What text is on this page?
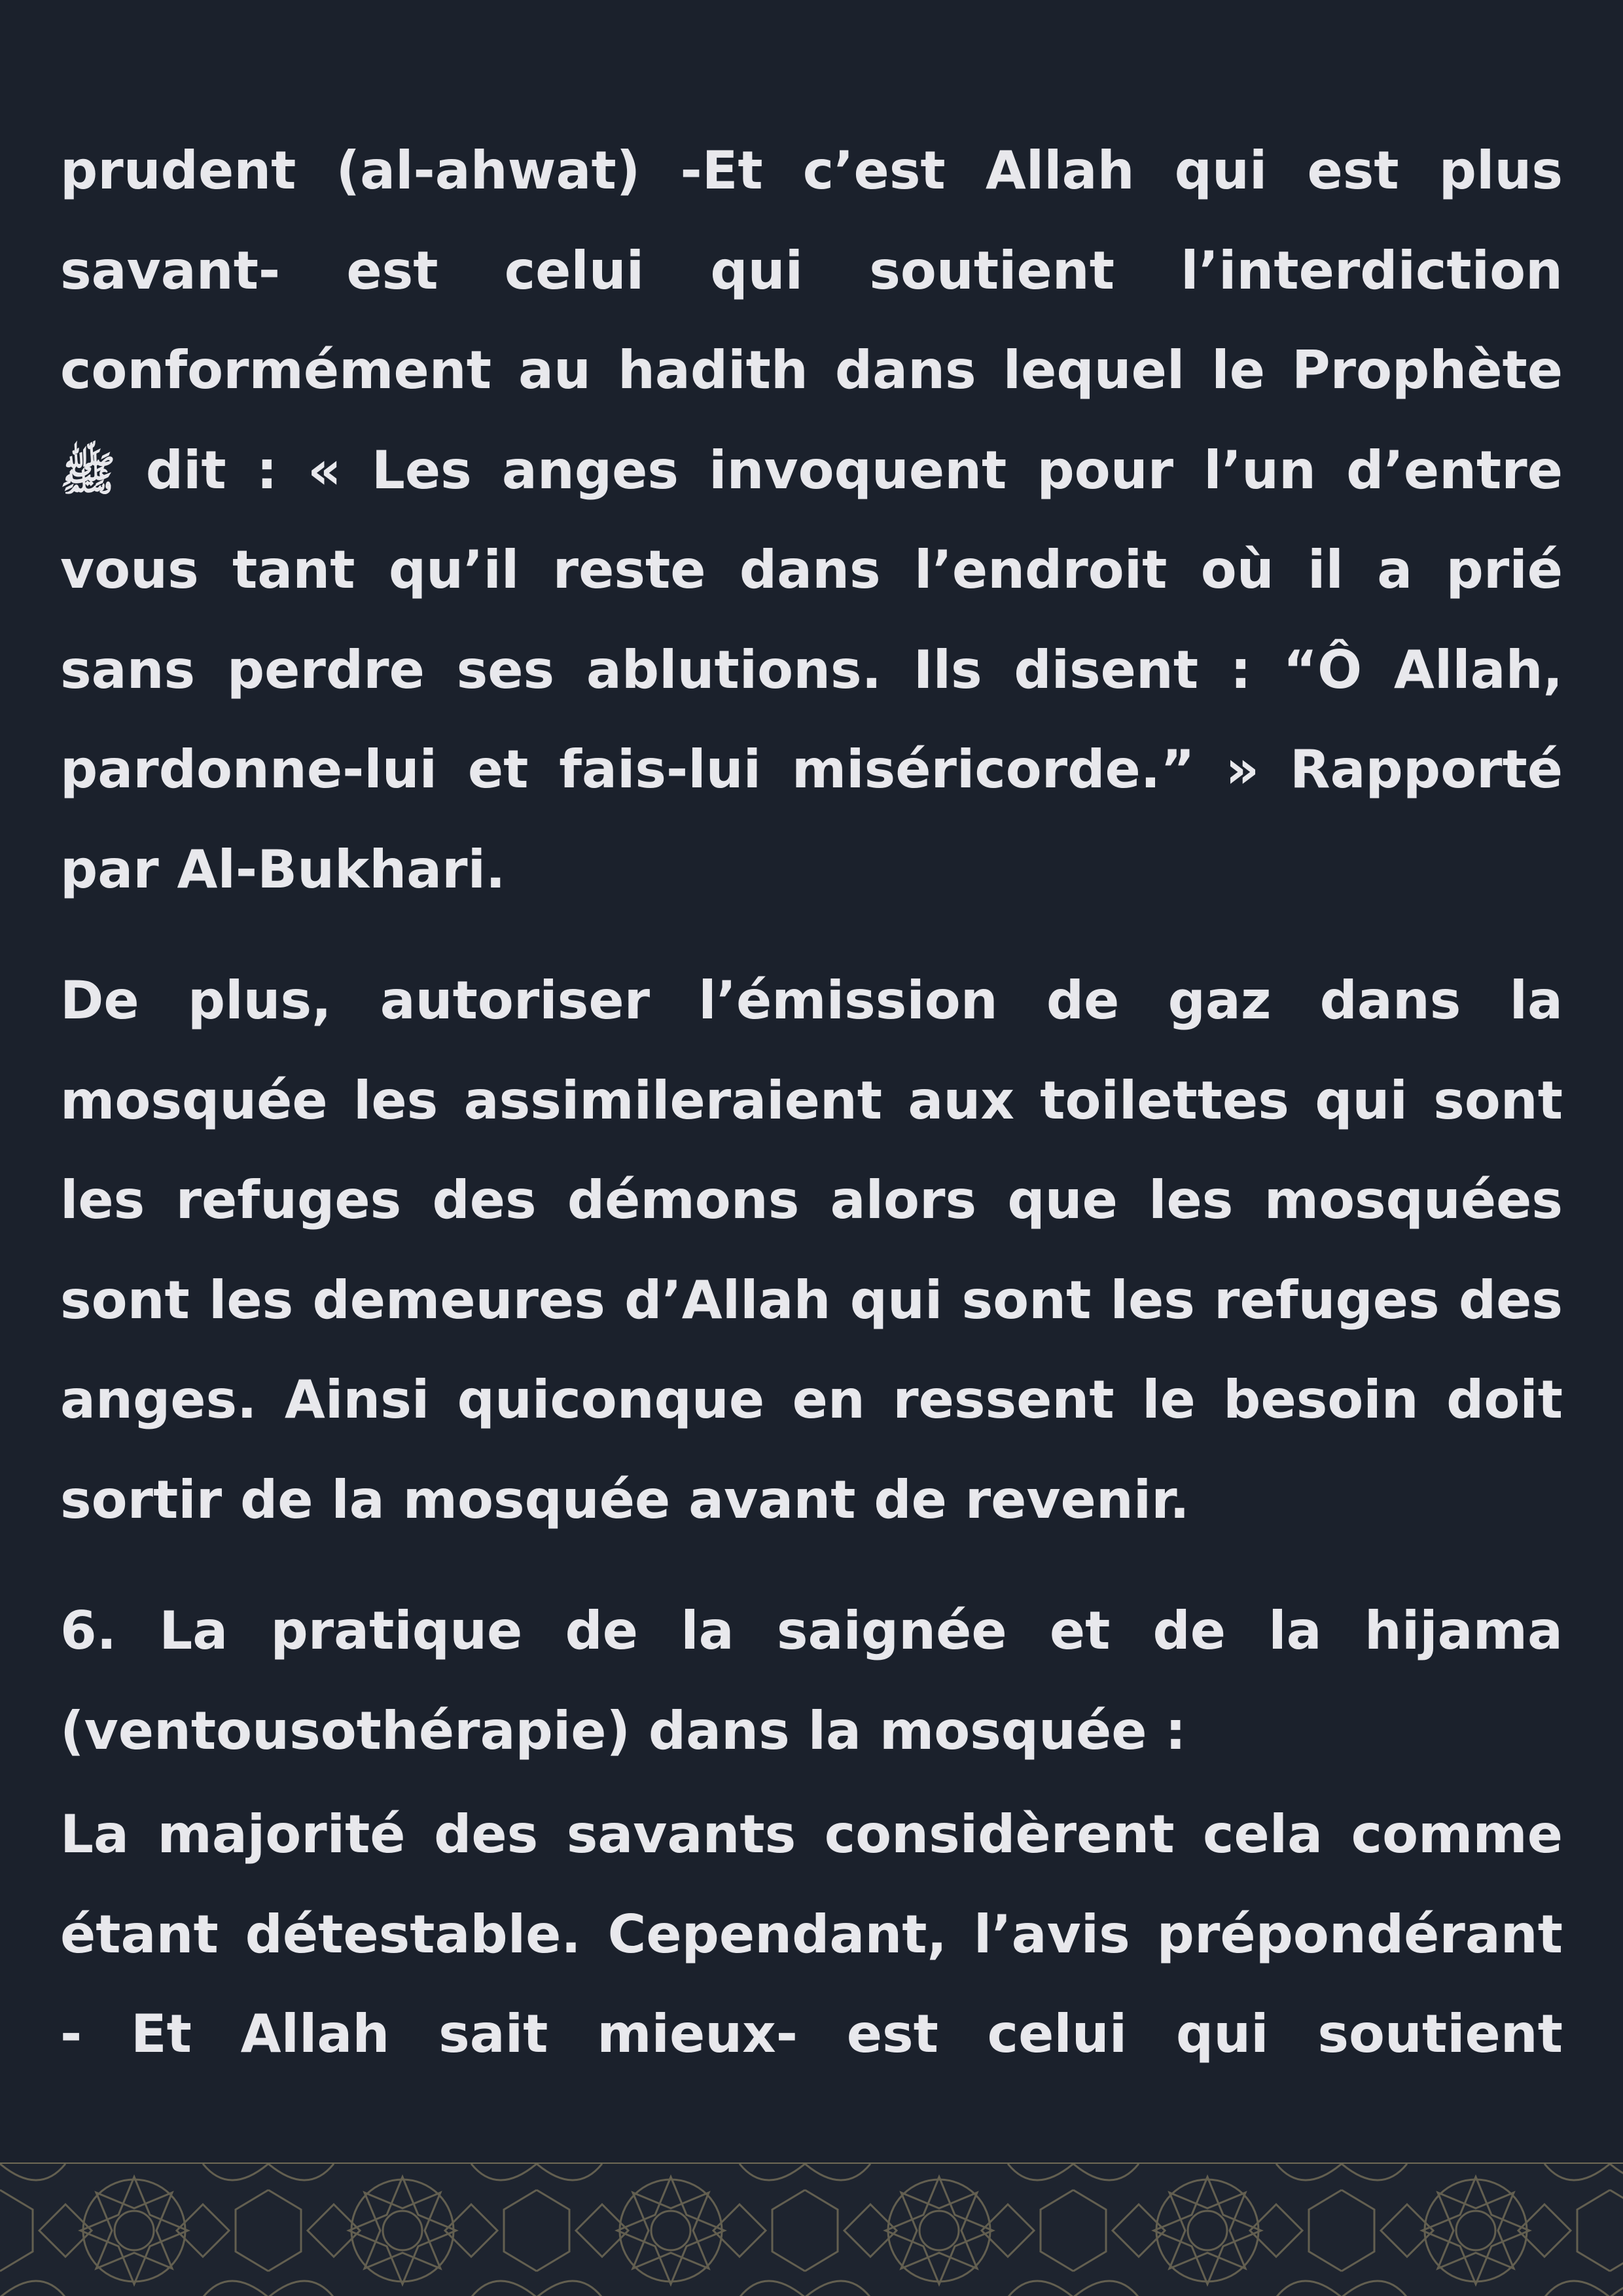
prudent (al-ahwat) -Et c’est Allah qui est plus savant- est celui qui soutient l’interdiction conformément au hadith dans lequel le Prophète ﷺ dit : « Les anges invoquent pour l’un d’entre vous tant qu’il reste dans l’endroit où il a prié sans perdre ses ablutions. Ils disent : “Ô Allah, pardonne-lui et fais-lui miséricorde.” » Rapporté par Al-Bukhari.

De plus, autoriser l’émission de gaz dans la mosquée les assimileraient aux toilettes qui sont les refuges des démons alors que les mosquées sont les demeures d’Allah qui sont les refuges des anges. Ainsi quiconque en ressent le besoin doit sortir de la mosquée avant de revenir.

6. La pratique de la saignée et de la hijama (ventousothérapie) dans la mosquée :

La majorité des savants considèrent cela comme étant détestable. Cependant, l’avis prépondérant - Et Allah sait mieux- est celui qui soutient
